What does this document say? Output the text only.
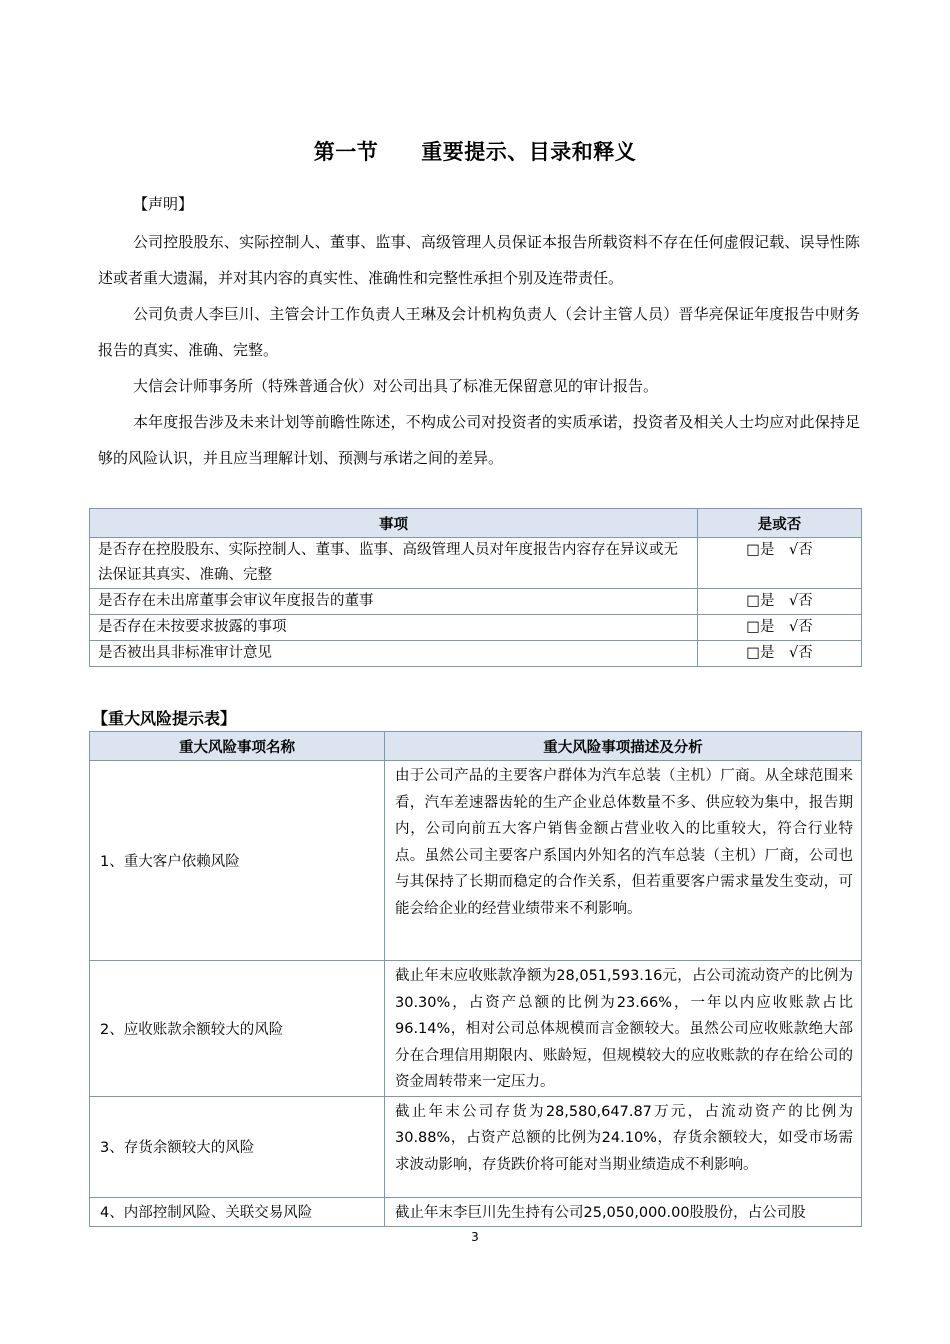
第一节　　重要提示、目录和释义
【声明】
公司控股股东、实际控制人、董事、监事、高级管理人员保证本报告所载资料不存在任何虚假记载、误导性陈述或者重大遗漏，并对其内容的真实性、准确性和完整性承担个别及连带责任。
公司负责人李巨川、主管会计工作负责人王琳及会计机构负责人（会计主管人员）晋华亮保证年度报告中财务报告的真实、准确、完整。
大信会计师事务所（特殊普通合伙）对公司出具了标准无保留意见的审计报告。
本年度报告涉及未来计划等前瞻性陈述，不构成公司对投资者的实质承诺，投资者及相关人士均应对此保持足够的风险认识，并且应当理解计划、预测与承诺之间的差异。
事项	是或否
是否存在控股股东、实际控制人、董事、监事、高级管理人员对年度报告内容存在异议或无法保证其真实、准确、完整	□是　√否
是否存在未出席董事会审议年度报告的董事	□是　√否
是否存在未按要求披露的事项	□是　√否
是否被出具非标准审计意见	□是　√否
【重大风险提示表】
重大风险事项名称	重大风险事项描述及分析
1、重大客户依赖风险	由于公司产品的主要客户群体为汽车总装（主机）厂商。从全球范围来看，汽车差速器齿轮的生产企业总体数量不多、供应较为集中，报告期内，公司向前五大客户销售金额占营业收入的比重较大，符合行业特点。虽然公司主要客户系国内外知名的汽车总装（主机）厂商，公司也与其保持了长期而稳定的合作关系，但若重要客户需求量发生变动，可能会给企业的经营业绩带来不利影响。
2、应收账款余额较大的风险	截止年末应收账款净额为28,051,593.16元，占公司流动资产的比例为30.30%，占资产总额的比例为23.66%，一年以内应收账款占比96.14%，相对公司总体规模而言金额较大。虽然公司应收账款绝大部分在合理信用期限内、账龄短，但规模较大的应收账款的存在给公司的资金周转带来一定压力。
3、存货余额较大的风险	截止年末公司存货为28,580,647.87万元，占流动资产的比例为30.88%，占资产总额的比例为24.10%，存货余额较大，如受市场需求波动影响，存货跌价将可能对当期业绩造成不利影响。
4、内部控制风险、关联交易风险	截止年末李巨川先生持有公司25,050,000.00股股份，占公司股
3
